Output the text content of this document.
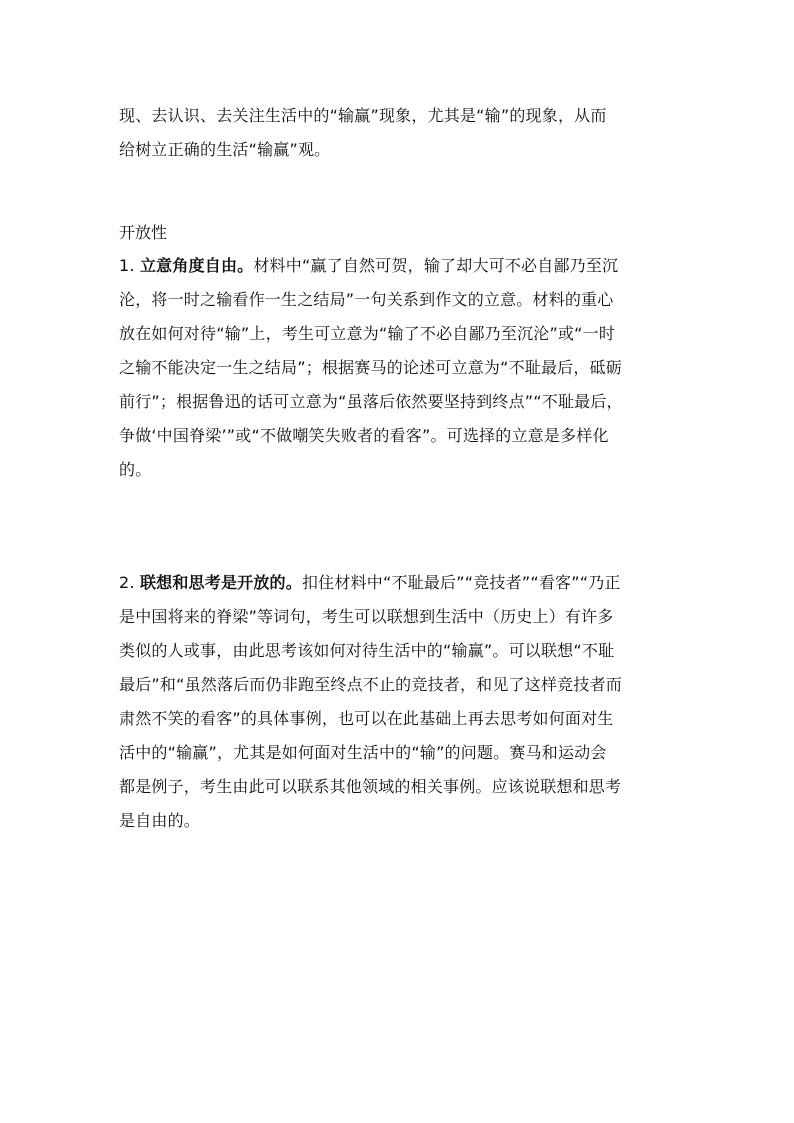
现、去认识、去关注生活中的“输赢”现象，尤其是“输”的现象，从而
给树立正确的生活“输赢”观。
开放性
1. 立意角度自由。材料中“赢了自然可贺，输了却大可不必自鄙乃至沉
沦，将一时之输看作一生之结局”一句关系到作文的立意。材料的重心
放在如何对待“输”上，考生可立意为“输了不必自鄙乃至沉沦”或“一时
之输不能决定一生之结局”；根据赛马的论述可立意为“不耻最后，砥砺
前行”；根据鲁迅的话可立意为“虽落后依然要坚持到终点”“不耻最后，
争做‘中国脊梁’”或“不做嘲笑失败者的看客”。可选择的立意是多样化
的。
2. 联想和思考是开放的。扣住材料中“不耻最后”“竞技者”“看客”“乃正
是中国将来的脊梁”等词句，考生可以联想到生活中（历史上）有许多
类似的人或事，由此思考该如何对待生活中的“输赢”。可以联想“不耻
最后”和“虽然落后而仍非跑至终点不止的竞技者，和见了这样竞技者而
肃然不笑的看客”的具体事例，也可以在此基础上再去思考如何面对生
活中的“输赢”，尤其是如何面对生活中的“输”的问题。赛马和运动会
都是例子，考生由此可以联系其他领域的相关事例。应该说联想和思考
是自由的。
